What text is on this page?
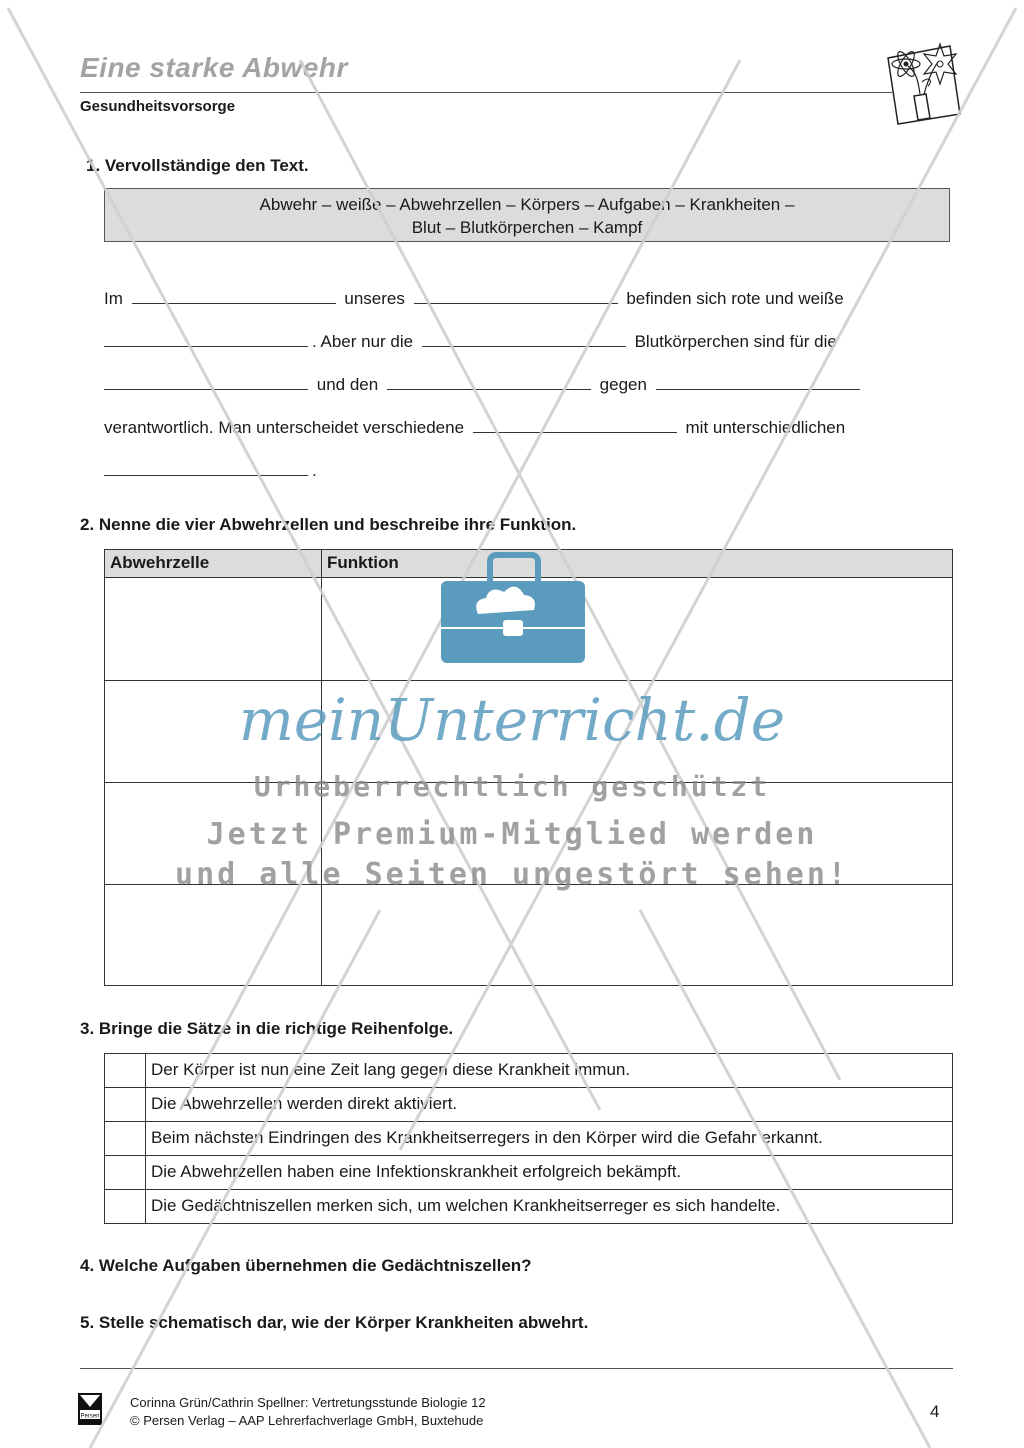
Eine starke Abwehr
Gesundheitsvorsorge
1. Vervollständige den Text.
Abwehr – weiße – Abwehrzellen – Körpers – Aufgaben – Krankheiten –
Blut – Blutkörperchen – Kampf
Im	unseres	befinden sich rote und weiße
. Aber nur die	Blutkörperchen sind für die
und den	gegen
verantwortlich. Man unterscheidet verschiedene	mit unterschiedlichen
.
2. Nenne die vier Abwehrzellen und beschreibe ihre Funktion.
Abwehrzelle	Funktion
3. Bringe die Sätze in die richtige Reihenfolge.
Der Körper ist nun eine Zeit lang gegen diese Krankheit immun.
Die Abwehrzellen werden direkt aktiviert.
Beim nächsten Eindringen des Krankheitserregers in den Körper wird die Gefahr erkannt.
Die Abwehrzellen haben eine Infektionskrankheit erfolgreich bekämpft.
Die Gedächtniszellen merken sich, um welchen Krankheitserreger es sich handelte.
4. Welche Aufgaben übernehmen die Gedächtniszellen?
5. Stelle schematisch dar, wie der Körper Krankheiten abwehrt.
Persen
Corinna Grün/Cathrin Spellner: Vertretungsstunde Biologie 12
© Persen Verlag – AAP Lehrerfachverlage GmbH, Buxtehude	4
meinUnterricht.de
Urheberrechtlich geschützt
Jetzt Premium-Mitglied werden
und alle Seiten ungestört sehen!
